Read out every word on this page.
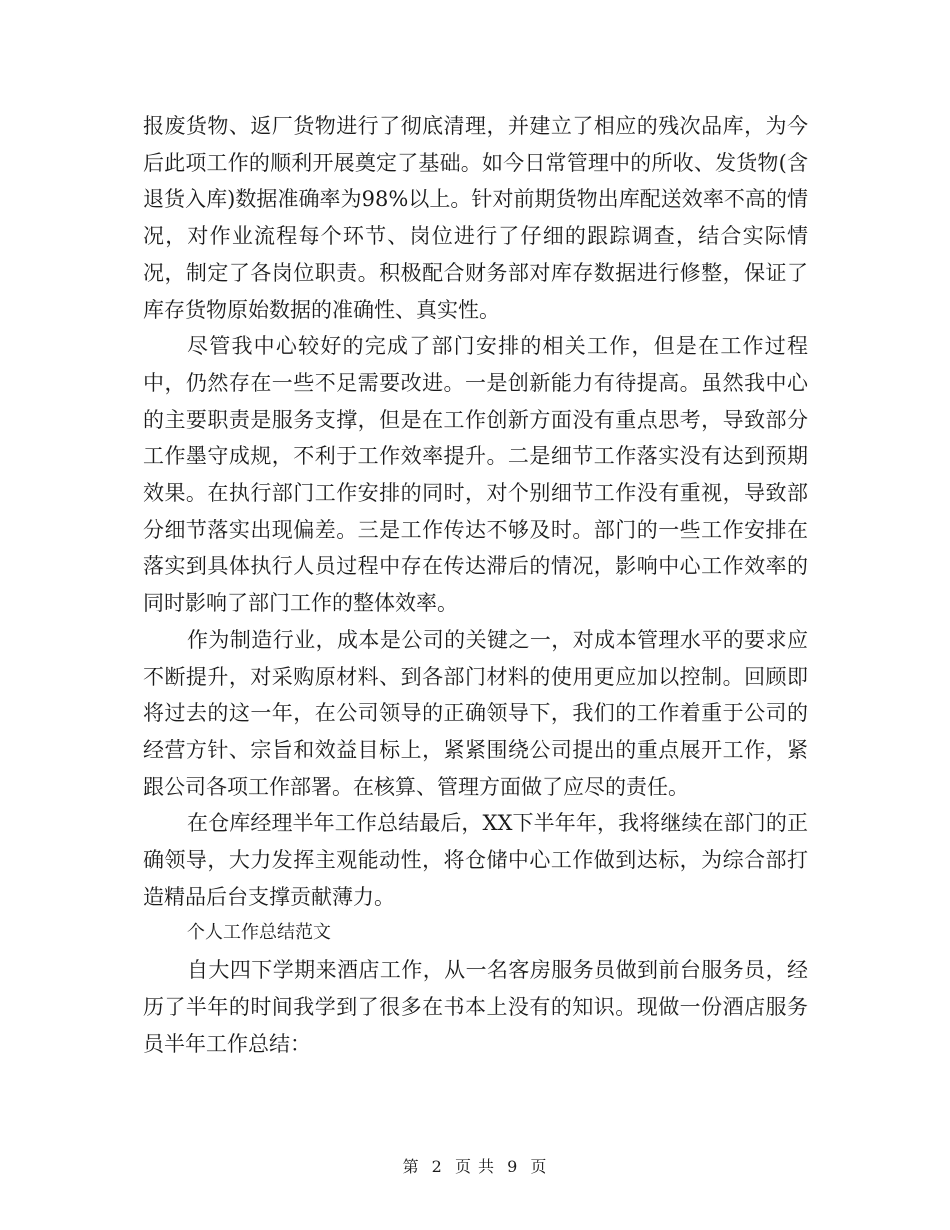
报废货物、返厂货物进行了彻底清理，并建立了相应的残次品库，为今后此项工作的顺利开展奠定了基础。如今日常管理中的所收、发货物(含退货入库)数据准确率为98%以上。针对前期货物出库配送效率不高的情况，对作业流程每个环节、岗位进行了仔细的跟踪调查，结合实际情况，制定了各岗位职责。积极配合财务部对库存数据进行修整，保证了库存货物原始数据的准确性、真实性。

尽管我中心较好的完成了部门安排的相关工作，但是在工作过程中，仍然存在一些不足需要改进。一是创新能力有待提高。虽然我中心的主要职责是服务支撑，但是在工作创新方面没有重点思考，导致部分工作墨守成规，不利于工作效率提升。二是细节工作落实没有达到预期效果。在执行部门工作安排的同时，对个别细节工作没有重视，导致部分细节落实出现偏差。三是工作传达不够及时。部门的一些工作安排在落实到具体执行人员过程中存在传达滞后的情况，影响中心工作效率的同时影响了部门工作的整体效率。

作为制造行业，成本是公司的关键之一，对成本管理水平的要求应不断提升，对采购原材料、到各部门材料的使用更应加以控制。回顾即将过去的这一年，在公司领导的正确领导下，我们的工作着重于公司的经营方针、宗旨和效益目标上，紧紧围绕公司提出的重点展开工作，紧跟公司各项工作部署。在核算、管理方面做了应尽的责任。

在仓库经理半年工作总结最后，XX下半年年，我将继续在部门的正确领导，大力发挥主观能动性，将仓储中心工作做到达标，为综合部打造精品后台支撑贡献薄力。

个人工作总结范文

自大四下学期来酒店工作，从一名客房服务员做到前台服务员，经历了半年的时间我学到了很多在书本上没有的知识。现做一份酒店服务员半年工作总结：

第 2 页 共 9 页
